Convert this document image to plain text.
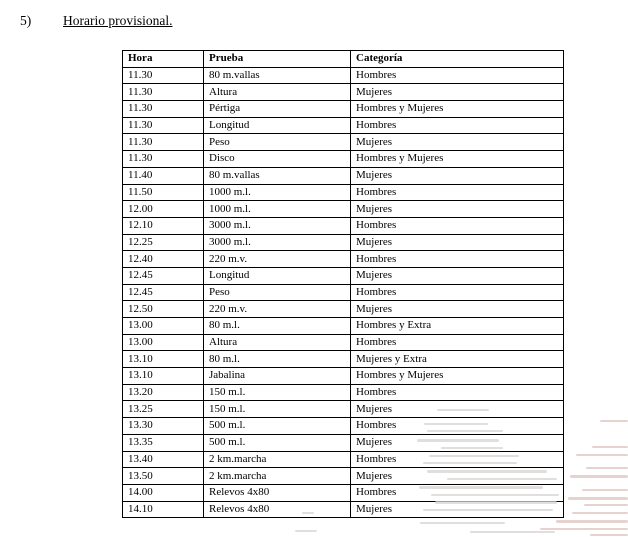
5) Horario provisional.
Hora	Prueba	Categoría
11.30	80 m.vallas	Hombres
11.30	Altura	Mujeres
11.30	Pértiga	Hombres y Mujeres
11.30	Longitud	Hombres
11.30	Peso	Mujeres
11.30	Disco	Hombres y Mujeres
11.40	80 m.vallas	Mujeres
11.50	1000 m.l.	Hombres
12.00	1000 m.l.	Mujeres
12.10	3000 m.l.	Hombres
12.25	3000 m.l.	Mujeres
12.40	220 m.v.	Hombres
12.45	Longitud	Mujeres
12.45	Peso	Hombres
12.50	220 m.v.	Mujeres
13.00	80 m.l.	Hombres y Extra
13.00	Altura	Hombres
13.10	80 m.l.	Mujeres y Extra
13.10	Jabalina	Hombres y Mujeres
13.20	150 m.l.	Hombres
13.25	150 m.l.	Mujeres
13.30	500 m.l.	Hombres
13.35	500 m.l.	Mujeres
13.40	2 km.marcha	Hombres
13.50	2 km.marcha	Mujeres
14.00	Relevos 4x80	Hombres
14.10	Relevos 4x80	Mujeres
